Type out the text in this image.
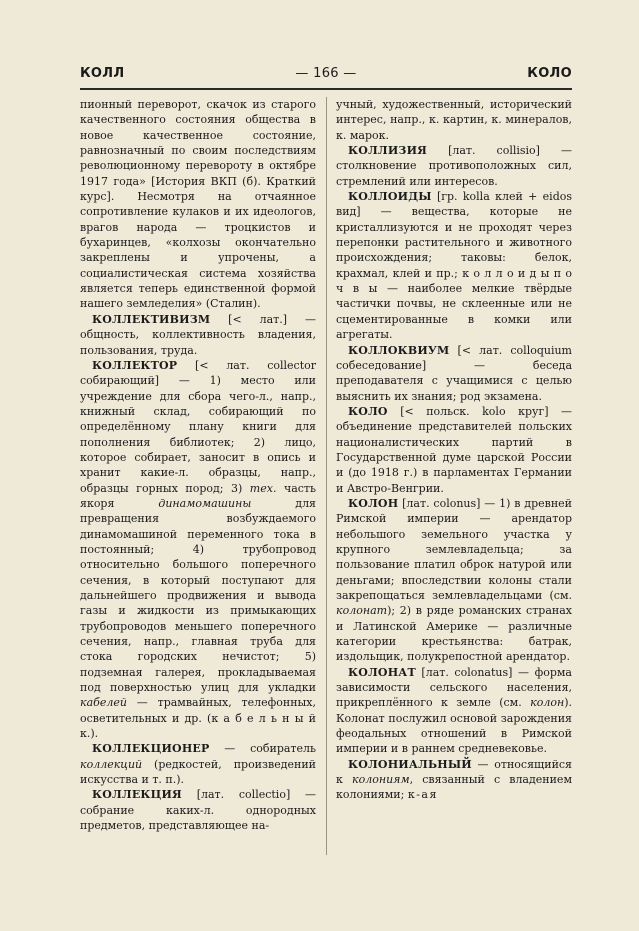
КОЛЛ	— 166 —	КОЛО

пионный переворот, скачок из старого качественного состояния общества в новое качественное состояние, равнозначный по своим последствиям революционному перевороту в октябре 1917 года» [История ВКП (б). Краткий курс]. Несмотря на отчаянное сопротивление кулаков и их идеологов, врагов народа — троцкистов и бухаринцев, «колхозы окончательно закреплены и упрочены, а социалистическая система хозяйства является теперь единственной формой нашего земледелия» (Сталин).

КОЛЛЕКТИВИЗМ [< лат.] — общность, коллективность владения, пользования, труда.

КОЛЛЕКТОР [< лат. collector собирающий] — 1) место или учреждение для сбора чего-л., напр., книжный склад, собирающий по определённому плану книги для пополнения библиотек; 2) лицо, которое собирает, заносит в опись и хранит какие-л. образцы, напр., образцы горных пород; 3) тех. часть якоря динамомашины для превращения возбуждаемого динамомашиной переменного тока в постоянный; 4) трубопровод относительно большого поперечного сечения, в который поступают для дальнейшего продвижения и вывода газы и жидкости из примыкающих трубопроводов меньшего поперечного сечения, напр., главная труба для стока городских нечистот; 5) подземная галерея, прокладываемая под поверхностью улиц для укладки кабелей — трамвайных, телефонных, осветительных и др. (к а б е л ь н ы й к.).

КОЛЛЕКЦИОНЕР — собиратель коллекций (редкостей, произведений искусства и т. п.).

КОЛЛЕКЦИЯ [лат. collectio] — собрание каких-л. однородных предметов, представляющее на-

учный, художественный, исторический интерес, напр., к. картин, к. минералов, к. марок.

КОЛЛИЗИЯ [лат. collisio] — столкновение противоположных сил, стремлений или интересов.

КОЛЛОИДЫ [гр. kolla клей + eidos вид] — вещества, которые не кристаллизуются и не проходят через перепонки растительного и животного происхождения; таковы: белок, крахмал, клей и пр.; к о л л о и д ы п о ч в ы — наиболее мелкие твёрдые частички почвы, не склеенные или не сцементированные в комки или агрегаты.

КОЛЛОКВИУМ [< лат. colloquium собеседование] — беседа преподавателя с учащимися с целью выяснить их знания; род экзамена.

КОЛО [< польск. kolo круг] — объединение представителей польских националистических партий в Государственной думе царской России и (до 1918 г.) в парламентах Германии и Австро-Венгрии.

КОЛОН [лат. colonus] — 1) в древней Римской империи — арендатор небольшого земельного участка у крупного землевладельца; за пользование платил оброк натурой или деньгами; впоследствии колоны стали закрепощаться землевладельцами (см. колонат); 2) в ряде романских странах и Латинской Америке — различные категории крестьянства: батрак, издольщик, полукрепостной арендатор.

КОЛОНАТ [лат. colonatus] — форма зависимости сельского населения, прикреплённого к земле (см. колон). Колонат послужил основой зарождения феодальных отношений в Римской империи и в раннем средневековье.

КОЛОНИАЛЬНЫЙ — относящийся к колониям, связанный с владением колониями; к-ая
